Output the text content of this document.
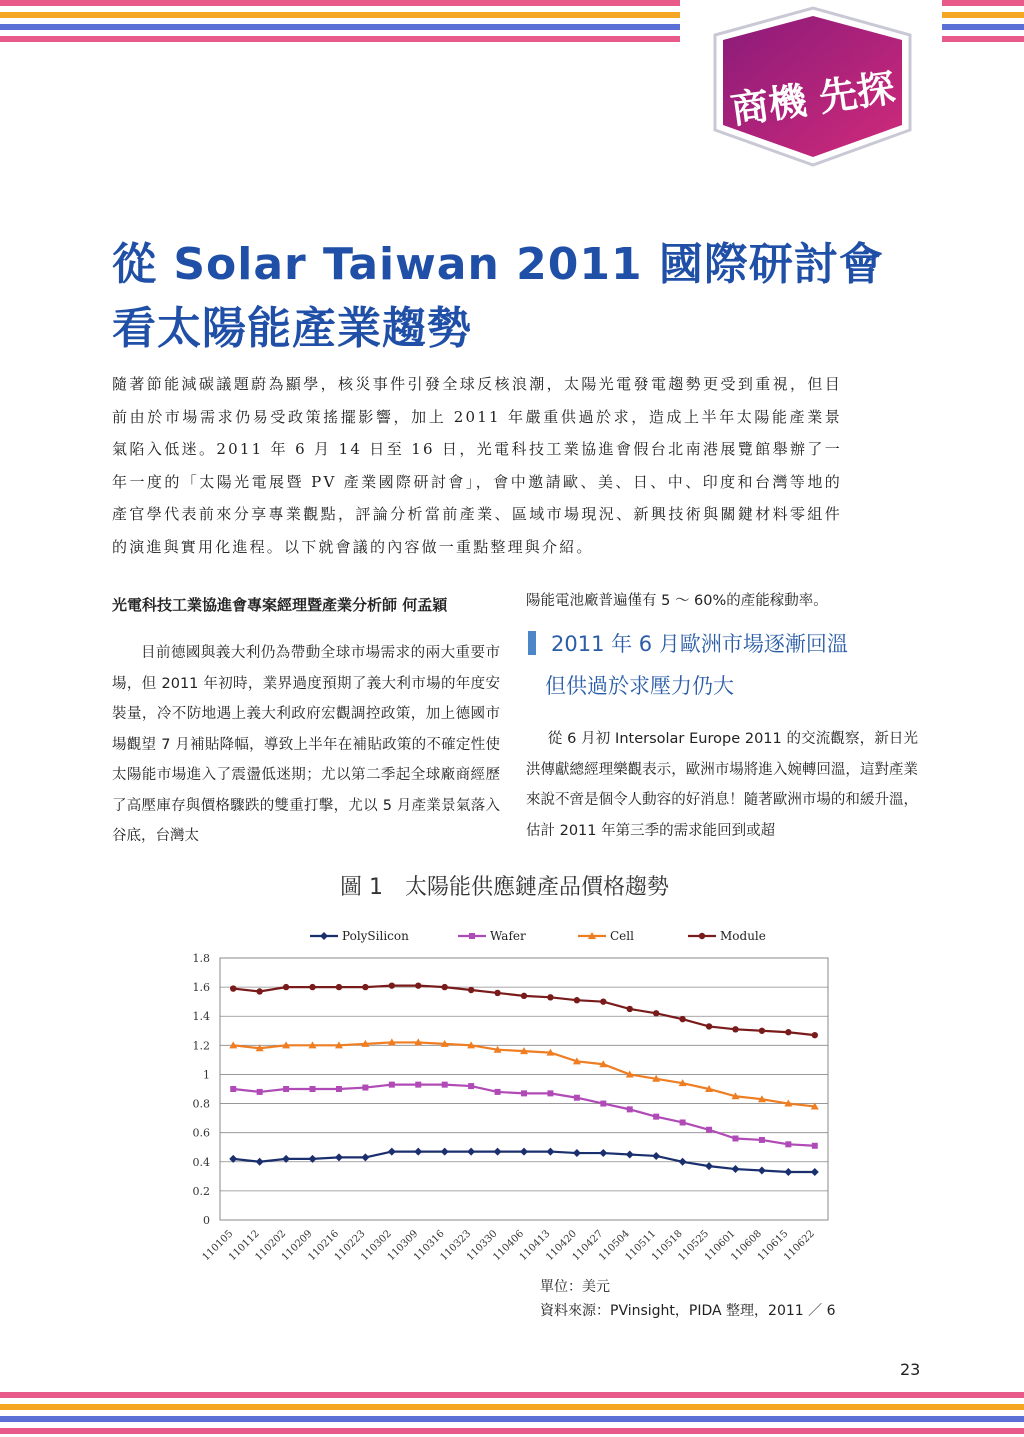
商機 先探
從 Solar Taiwan 2011 國際研討會
看太陽能產業趨勢
隨著節能減碳議題蔚為顯學，核災事件引發全球反核浪潮，太陽光電發電趨勢更受到重視，但目前由於市場需求仍易受政策搖擺影響，加上 2011 年嚴重供過於求，造成上半年太陽能產業景氣陷入低迷。2011 年 6 月 14 日至 16 日，光電科技工業協進會假台北南港展覽館舉辦了一年一度的「太陽光電展暨 PV 產業國際研討會」，會中邀請歐、美、日、中、印度和台灣等地的產官學代表前來分享專業觀點，評論分析當前產業、區域市場現況、新興技術與關鍵材料零組件的演進與實用化進程。以下就會議的內容做一重點整理與介紹。
光電科技工業協進會專案經理暨產業分析師 何孟穎

目前德國與義大利仍為帶動全球市場需求的兩大重要市場，但 2011 年初時，業界過度預期了義大利市場的年度安裝量，冷不防地遇上義大利政府宏觀調控政策，加上德國市場觀望 7 月補貼降幅，導致上半年在補貼政策的不確定性使太陽能市場進入了震盪低迷期；尤以第二季起全球廠商經歷了高壓庫存與價格驟跌的雙重打擊，尤以 5 月產業景氣落入谷底，台灣太

陽能電池廠普遍僅有 5 ～ 60%的產能稼動率。
2011 年 6 月歐洲市場逐漸回溫
但供過於求壓力仍大

從 6 月初 Intersolar Europe 2011 的交流觀察，新日光洪傳獻總經理樂觀表示，歐洲市場將進入婉轉回溫，這對產業來說不啻是個令人動容的好消息！隨著歐洲市場的和緩升溫，估計 2011 年第三季的需求能回到或超

圖 1　太陽能供應鏈產品價格趨勢
0
0.2
0.4
0.6
0.8
1
1.2
1.4
1.6
1.8
110105
110112
110202
110209
110216
110223
110302
110309
110316
110323
110330
110406
110413
110420
110427
110504
110511
110518
110525
110601
110608
110615
110622
PolySilicon	Wafer	Cell	Module
單位：美元
資料來源：PVinsight，PIDA 整理，2011 ／ 6
23
